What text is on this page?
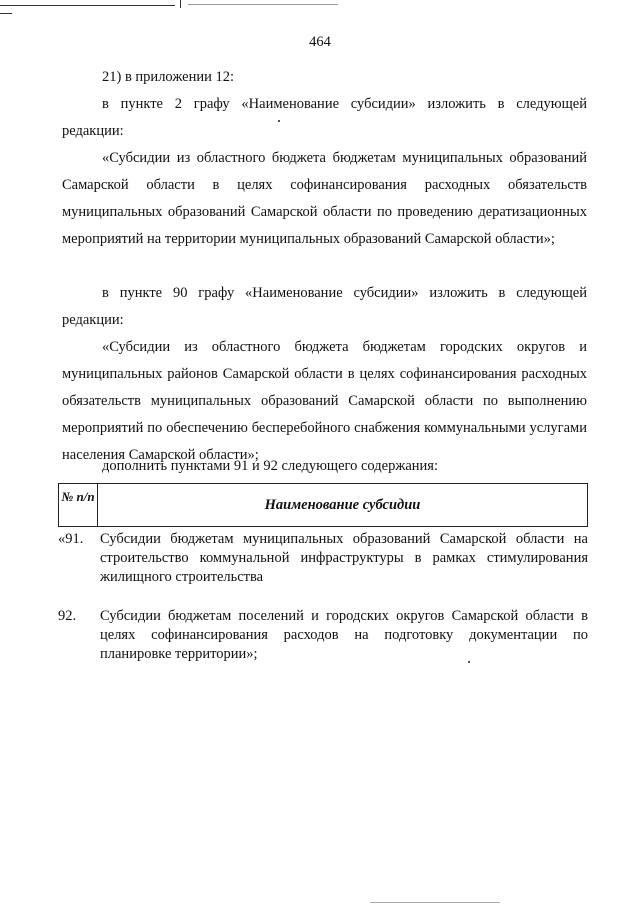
464
21) в приложении 12:
в пункте 2 графу «Наименование субсидии» изложить в следующей редакции:
«Субсидии из областного бюджета бюджетам муниципальных образований Самарской области в целях софинансирования расходных обязательств муниципальных образований Самарской области по проведению дератизационных мероприятий на территории муниципальных образований Самарской области»;
в пункте 90 графу «Наименование субсидии» изложить в следующей редакции:
«Субсидии из областного бюджета бюджетам городских округов и муниципальных районов Самарской области в целях софинансирования расходных обязательств муниципальных образований Самарской области по выполнению мероприятий по обеспечению бесперебойного снабжения коммунальными услугами населения Самарской области»;
дополнить пунктами 91 и 92 следующего содержания:
№ п/п
Наименование субсидии
«91.	Субсидии бюджетам муниципальных образований Самарской области на строительство коммунальной инфраструктуры в рамках стимулирования жилищного строительства
92.	Субсидии бюджетам поселений и городских округов Самарской области в целях софинансирования расходов на подготовку документации по планировке территории»;
